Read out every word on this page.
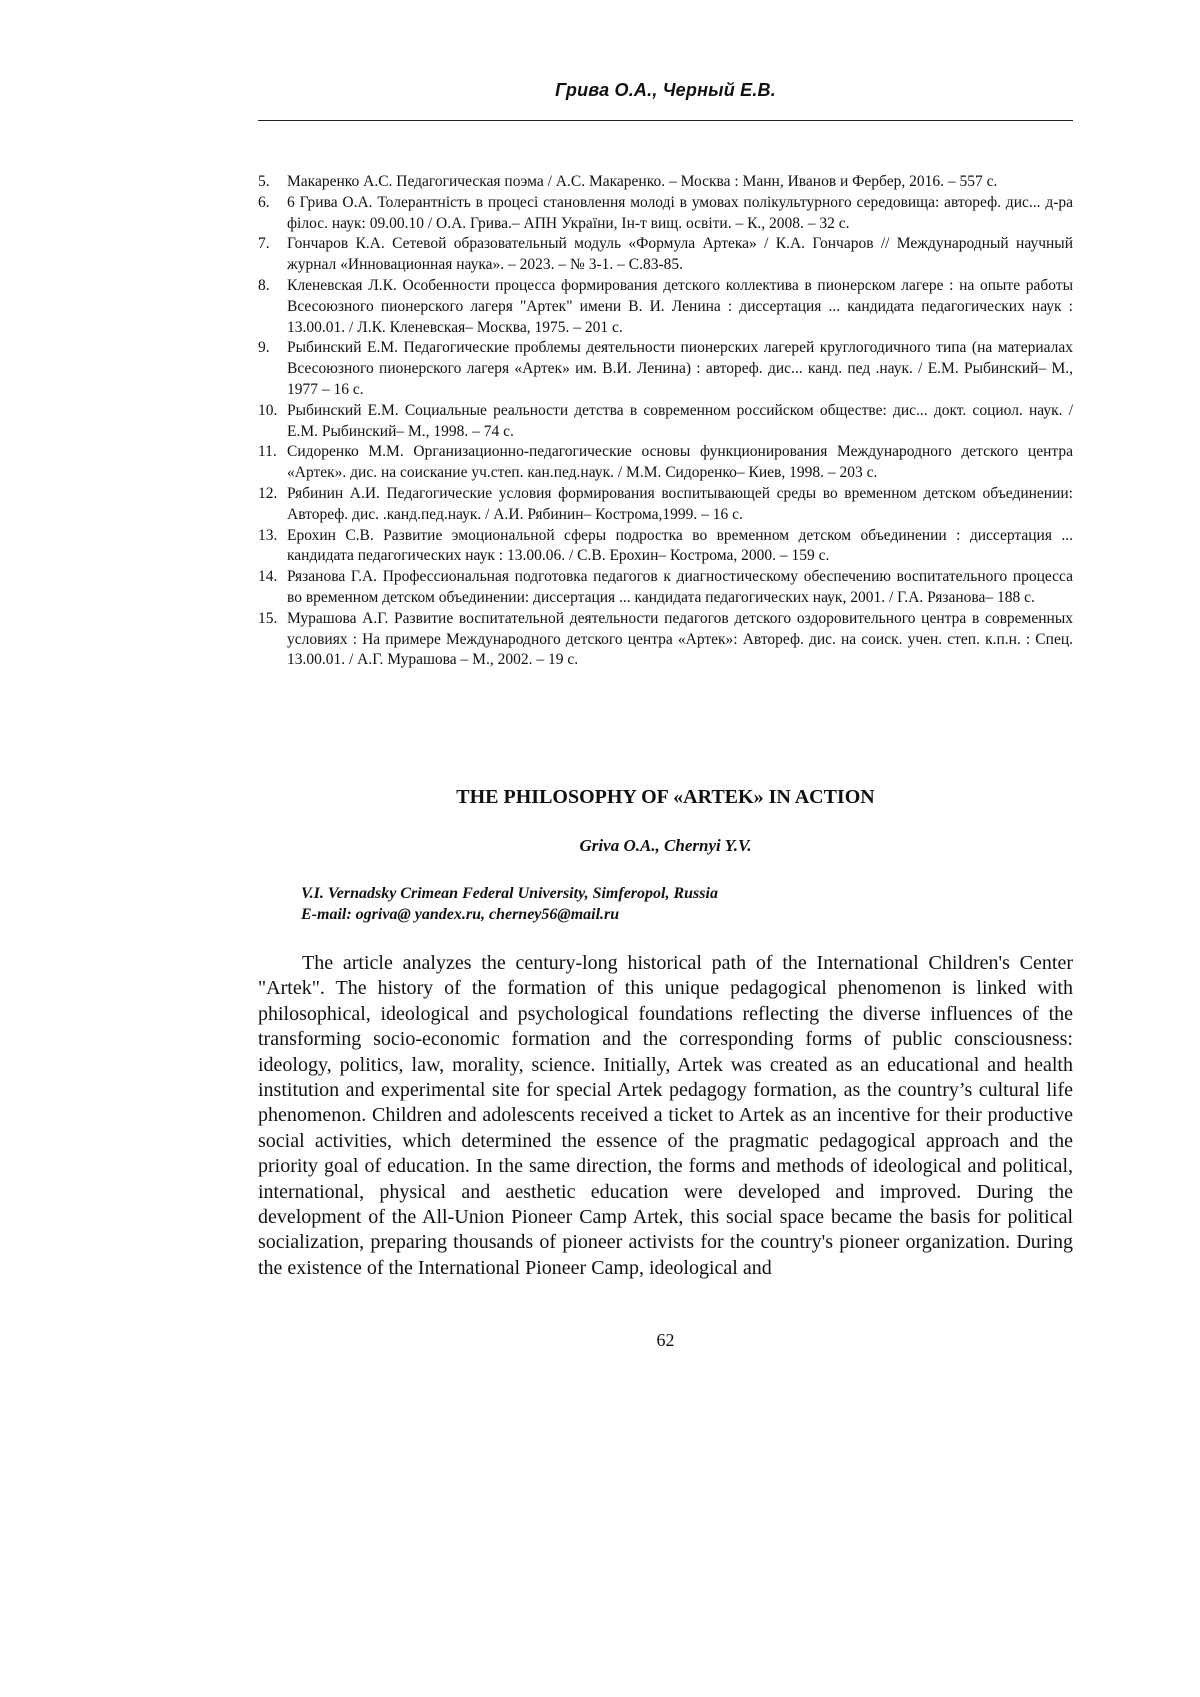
Грива О.А., Черный Е.В.
5. Макаренко А.С. Педагогическая поэма / А.С. Макаренко. – Москва : Манн, Иванов и Фербер, 2016. – 557 с.
6. 6 Грива О.А. Толерантність в процесі становлення молоді в умовах полікультурного середовища: автореф. дис... д-ра філос. наук: 09.00.10 / О.А. Грива.– АПН України, Ін-т вищ. освіти. – К., 2008. – 32 с.
7. Гончаров К.А. Сетевой образовательный модуль «Формула Артека» / К.А. Гончаров // Международный научный журнал «Инновационная наука». – 2023. – № 3-1. – С.83-85.
8. Кленевская Л.К. Особенности процесса формирования детского коллектива в пионерском лагере : на опыте работы Всесоюзного пионерского лагеря "Артек" имени В. И. Ленина : диссертация ... кандидата педагогических наук : 13.00.01. / Л.К. Кленевская– Москва, 1975. – 201 с.
9. Рыбинский Е.М. Педагогические проблемы деятельности пионерских лагерей круглогодичного типа (на материалах Всесоюзного пионерского лагеря «Артек» им. В.И. Ленина) : автореф. дис... канд. пед .наук. / Е.М. Рыбинский– М., 1977 – 16 с.
10. Рыбинский Е.М. Социальные реальности детства в современном российском обществе: дис... докт. социол. наук. / Е.М. Рыбинский– М., 1998. – 74 с.
11. Сидоренко М.М. Организационно-педагогические основы функционирования Международного детского центра «Артек». дис. на соискание уч.степ. кан.пед.наук. / М.М. Сидоренко– Киев, 1998. – 203 с.
12. Рябинин А.И. Педагогические условия формирования воспитывающей среды во временном детском объединении: Автореф. дис. .канд.пед.наук. / А.И. Рябинин– Кострома,1999. – 16 с.
13. Ерохин С.В. Развитие эмоциональной сферы подростка во временном детском объединении : диссертация ... кандидата педагогических наук : 13.00.06. / С.В. Ерохин– Кострома, 2000. – 159 с.
14. Рязанова Г.А. Профессиональная подготовка педагогов к диагностическому обеспечению воспитательного процесса во временном детском объединении: диссертация ... кандидата педагогических наук, 2001. / Г.А. Рязанова– 188 с.
15. Мурашова А.Г. Развитие воспитательной деятельности педагогов детского оздоровительного центра в современных условиях : На примере Международного детского центра «Артек»: Автореф. дис. на соиск. учен. степ. к.п.н. : Спец. 13.00.01. / А.Г. Мурашова – М., 2002. – 19 с.
THE PHILOSOPHY OF «ARTEK» IN ACTION
Griva O.A., Chernyi Y.V.
V.I. Vernadsky Crimean Federal University, Simferopol, Russia
E-mail: ogriva@ yandex.ru, cherney56@mail.ru

The article analyzes the century-long historical path of the International Children's Center "Artek". The history of the formation of this unique pedagogical phenomenon is linked with philosophical, ideological and psychological foundations reflecting the diverse influences of the transforming socio-economic formation and the corresponding forms of public consciousness: ideology, politics, law, morality, science. Initially, Artek was created as an educational and health institution and experimental site for special Artek pedagogy formation, as the country’s cultural life phenomenon. Children and adolescents received a ticket to Artek as an incentive for their productive social activities, which determined the essence of the pragmatic pedagogical approach and the priority goal of education. In the same direction, the forms and methods of ideological and political, international, physical and aesthetic education were developed and improved. During the development of the All-Union Pioneer Camp Artek, this social space became the basis for political socialization, preparing thousands of pioneer activists for the country's pioneer organization. During the existence of the International Pioneer Camp, ideological and

62
